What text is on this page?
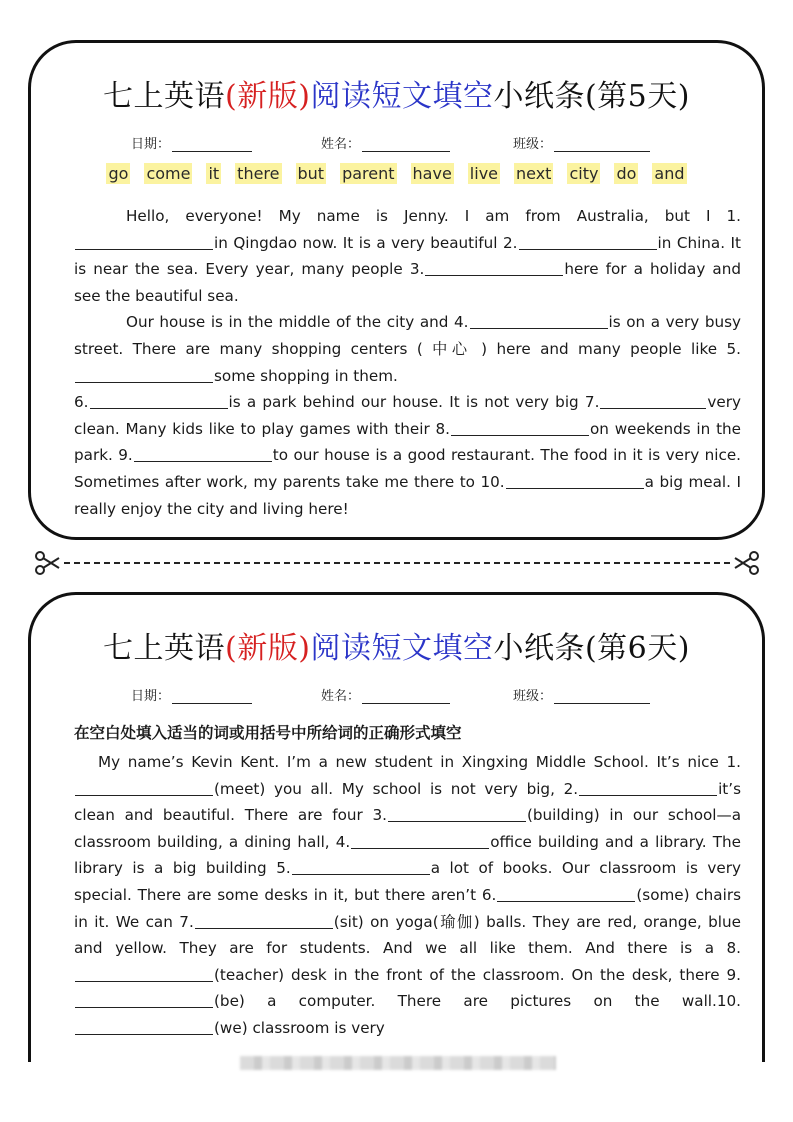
七上英语(新版)阅读短文填空小纸条(第5天)
日期：	姓名：	班级：
go come it there but parent have live next city do and

Hello, everyone! My name is Jenny. I am from Australia, but I 1.in Qingdao now. It is a very beautiful 2.	in China. It is near the sea. Every year, many people 3.	here for a holiday and see the beautiful sea.

Our house is in the middle of the city and 4.	is on a very busy street. There are many shopping centers ( 中心 ) here and many people like 5.some shopping in them.

6.	is a park behind our house. It is not very big 7.	very clean. Many kids like to play games with their 8.	on weekends in the park. 9.	to our house is a good restaurant. The food in it is very nice. Sometimes after work, my parents take me there to 10.	a big meal. I really enjoy the city and living here!

七上英语(新版)阅读短文填空小纸条(第6天)
日期：	姓名：	班级：
在空白处填入适当的词或用括号中所给词的正确形式填空

My name’s Kevin Kent. I’m a new student in Xingxing Middle School. It’s nice 1.(meet) you all. My school is not very big, 2.	it’s clean and beautiful. There are four 3.	(building) in our school—a classroom building, a dining hall, 4.	office building and a library. The library is a big building 5.	a lot of books. Our classroom is very special. There are some desks in it, but there aren’t 6.	(some) chairs in it. We can 7.	(sit) on yoga(瑜伽) balls. They are red, orange, blue and yellow. They are for students. And we all like them. And there is a 8.(teacher) desk in the front of the classroom. On the desk, there 9.(be) a computer. There are pictures on the wall.10.(we) classroom is very
